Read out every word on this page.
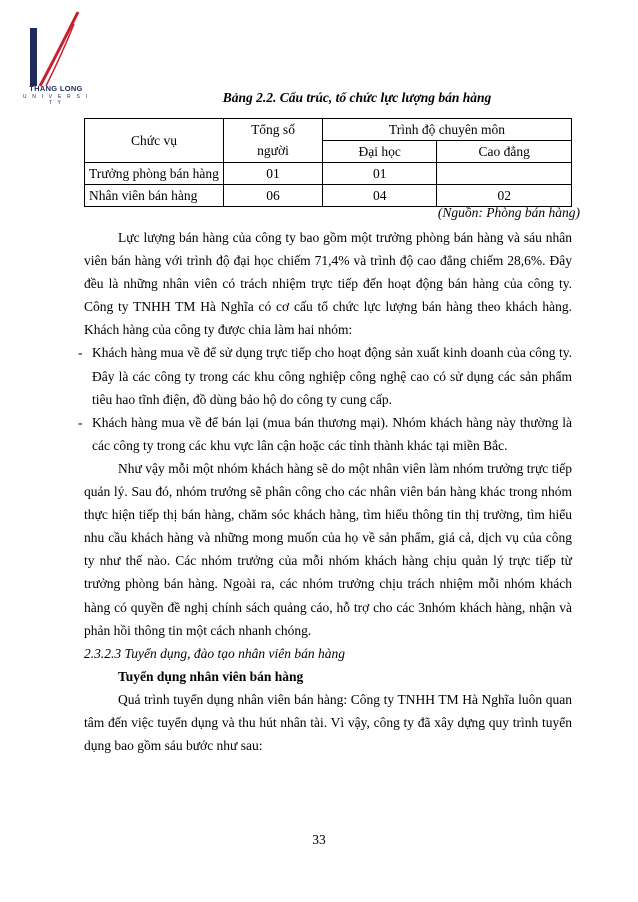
THANG LONG
U N I V E R S I T Y	Bảng 2.2. Cấu trúc, tổ chức lực lượng bán hàng
Chức vụ	Tổng số	Trình độ chuyên môn	
	người	Đại học	Cao đẳng
Trưởng phòng bán hàng	01	01	
Nhân viên bán hàng	06	04	02
(Nguồn: Phòng bán hàng)

Lực lượng bán hàng của công ty bao gồm một trưởng phòng bán hàng và sáu nhân viên bán hàng với trình độ đại học chiếm 71,4% và trình độ cao đẳng chiếm 28,6%. Đây đều là những nhân viên có trách nhiệm trực tiếp đến hoạt động bán hàng của công ty. Công ty TNHH TM Hà Nghĩa có cơ cấu tổ chức lực lượng bán hàng theo khách hàng. Khách hàng của công ty được chia làm hai nhóm:

- Khách hàng mua về để sử dụng trực tiếp cho hoạt động sản xuất kinh doanh của công ty. Đây là các công ty trong các khu công nghiệp công nghệ cao có sử dụng các sản phẩm tiêu hao tĩnh điện, đồ dùng bảo hộ do công ty cung cấp.

- Khách hàng mua về để bán lại (mua bán thương mại). Nhóm khách hàng này thường là các công ty trong các khu vực lân cận hoặc các tỉnh thành khác tại miền Bắc.

Như vậy mỗi một nhóm khách hàng sẽ do một nhân viên làm nhóm trưởng trực tiếp quản lý. Sau đó, nhóm trưởng sẽ phân công cho các nhân viên bán hàng khác trong nhóm thực hiện tiếp thị bán hàng, chăm sóc khách hàng, tìm hiểu thông tin thị trường, tìm hiểu nhu cầu khách hàng và những mong muốn của họ về sản phẩm, giá cả, dịch vụ của công ty như thế nào. Các nhóm trưởng của mỗi nhóm khách hàng chịu quản lý trực tiếp từ trưởng phòng bán hàng. Ngoài ra, các nhóm trưởng chịu trách nhiệm mỗi nhóm khách hàng có quyền đề nghị chính sách quảng cáo, hỗ trợ cho các 3nhóm khách hàng, nhận và phản hồi thông tin một cách nhanh chóng.

2.3.2.3 Tuyển dụng, đào tạo nhân viên bán hàng

Tuyển dụng nhân viên bán hàng

Quá trình tuyển dụng nhân viên bán hàng: Công ty TNHH TM Hà Nghĩa luôn quan tâm đến việc tuyển dụng và thu hút nhân tài. Vì vậy, công ty đã xây dựng quy trình tuyển dụng bao gồm sáu bước như sau:

33
